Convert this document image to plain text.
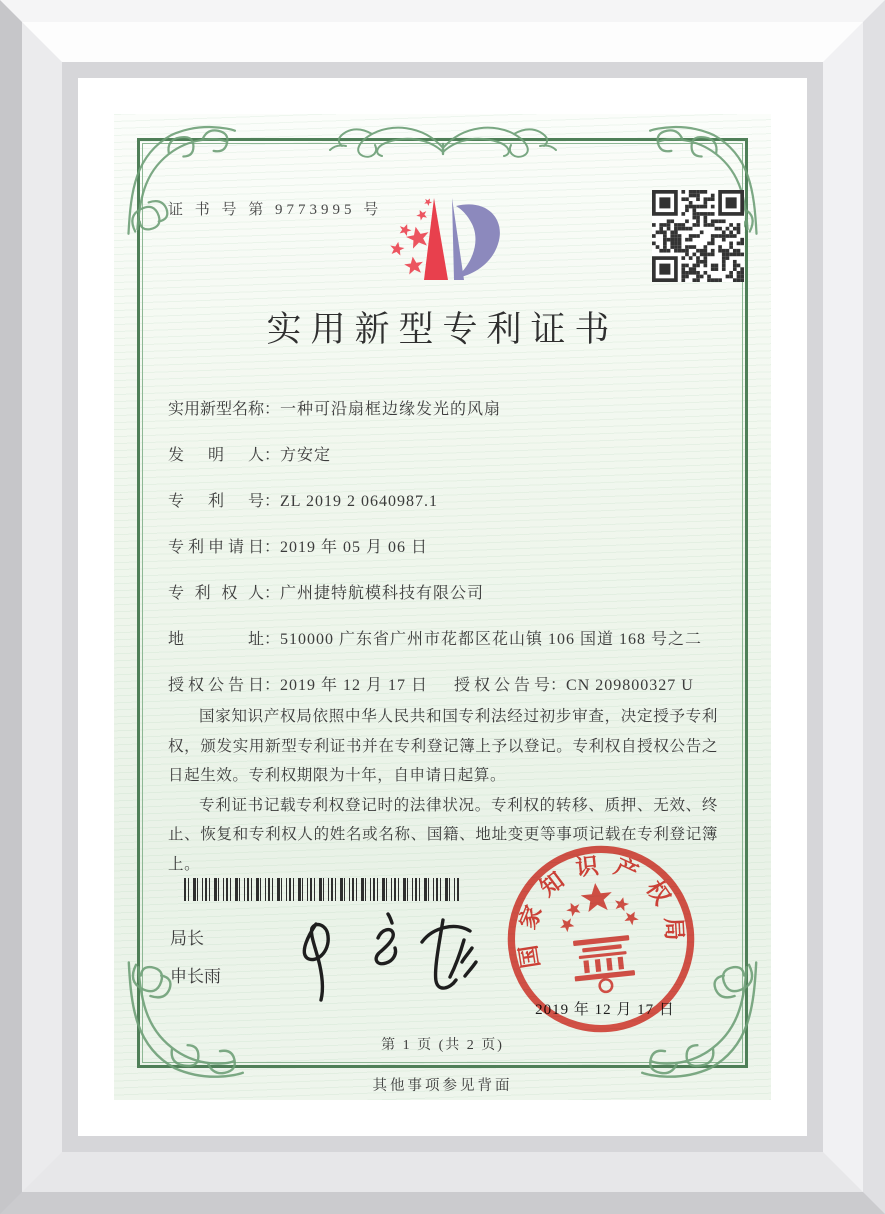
证 书 号 第 9773995 号
实用新型专利证书
实用新型名称 ： 一种可沿扇框边缘发光的风扇
发明人 ： 方安定
专利号 ： ZL 2019 2 0640987.1
专利申请日 ： 2019 年 05 月 06 日
专利权人 ： 广州捷特航模科技有限公司
地址 ： 510000 广东省广州市花都区花山镇 106 国道 168 号之二
授权公告日 ： 2019 年 12 月 17 日 授权公告号 ： CN 209800327 U

国家知识产权局依照中华人民共和国专利法经过初步审查，决定授予专利权，颁发实用新型专利证书并在专利登记簿上予以登记。专利权自授权公告之日起生效。专利权期限为十年，自申请日起算。

专利证书记载专利权登记时的法律状况。专利权的转移、质押、无效、终止、恢复和专利权人的姓名或名称、国籍、地址变更等事项记载在专利登记簿上。

局长
申长雨
2019 年 12 月 17 日
国家知识产权局
第 1 页 (共 2 页)
其他事项参见背面
